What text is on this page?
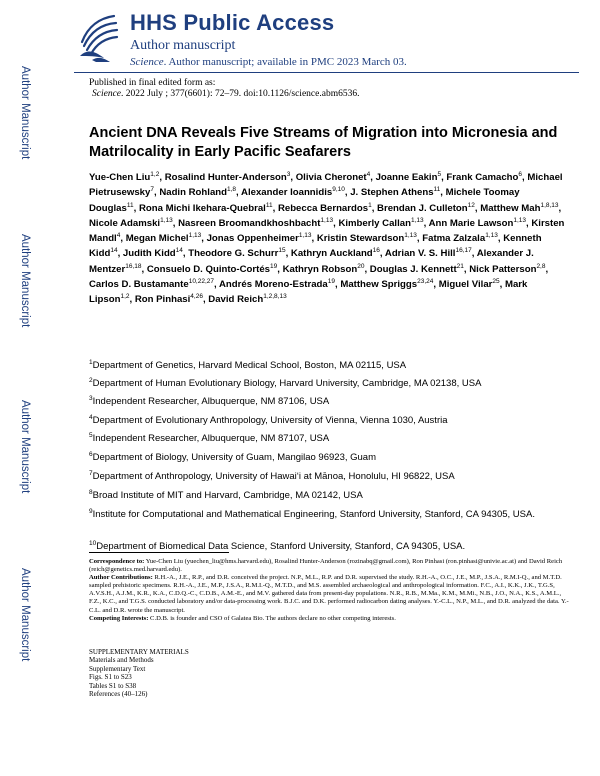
Author Manuscript
Author Manuscript
Author Manuscript
Author Manuscript
HHS Public Access
Author manuscript
Science. Author manuscript; available in PMC 2023 March 03.
Published in final edited form as:
Science. 2022 July ; 377(6601): 72–79. doi:10.1126/science.abm6536.
Ancient DNA Reveals Five Streams of Migration into Micronesia and Matrilocality in Early Pacific Seafarers
Yue-Chen Liu$^{1,2}$, Rosalind Hunter-Anderson$^3$, Olivia Cheronet$^4$, Joanne Eakin$^5$, Frank Camacho$^6$, Michael Pietrusewsky$^7$, Nadin Rohland$^{1,8}$, Alexander Ioannidis$^{9,10}$, J. Stephen Athens$^{11}$, Michele Toomay Douglas$^{11}$, Rona Michi Ikehara-Quebral$^{11}$, Rebecca Bernardos$^1$, Brendan J. Culleton$^{12}$, Matthew Mah$^{1,8,13}$, Nicole Adamski$^{1,13}$, Nasreen Broomandkhoshbacht$^{1,13}$, Kimberly Callan$^{1,13}$, Ann Marie Lawson$^{1,13}$, Kirsten Mandl$^4$, Megan Michel$^{1,13}$, Jonas Oppenheimer$^{1,13}$, Kristin Stewardson$^{1,13}$, Fatma Zalzala$^{1,13}$, Kenneth Kidd$^{14}$, Judith Kidd$^{14}$, Theodore G. Schurr$^{15}$, Kathryn Auckland$^{16}$, Adrian V. S. Hill$^{16,17}$, Alexander J. Mentzer$^{16,18}$, Consuelo D. Quinto-Cortés$^{19}$, Kathryn Robson$^{20}$, Douglas J. Kennett$^{21}$, Nick Patterson$^{2,8}$, Carlos D. Bustamante$^{10,22,27}$, Andrés Moreno-Estrada$^{19}$, Matthew Spriggs$^{23,24}$, Miguel Vilar$^{25}$, Mark Lipson$^{1,2}$, Ron Pinhasi$^{4,26}$, David Reich$^{1,2,8,13}$
$^1$Department of Genetics, Harvard Medical School, Boston, MA 02115, USA
$^2$Department of Human Evolutionary Biology, Harvard University, Cambridge, MA 02138, USA
$^3$Independent Researcher, Albuquerque, NM 87106, USA
$^4$Department of Evolutionary Anthropology, University of Vienna, Vienna 1030, Austria
$^5$Independent Researcher, Albuquerque, NM 87107, USA
$^6$Department of Biology, University of Guam, Mangilao 96923, Guam
$^7$Department of Anthropology, University of Hawai‘i at Mānoa, Honolulu, HI 96822, USA
$^8$Broad Institute of MIT and Harvard, Cambridge, MA 02142, USA
$^9$Institute for Computational and Mathematical Engineering, Stanford University, Stanford, CA 94305, USA.
$^{10}$Department of Biomedical Data Science, Stanford University, Stanford, CA 94305, USA.
Correspondence to: Yue-Chen Liu (yuechen_liu@hms.harvard.edu), Rosalind Hunter-Anderson (rozinabq@gmail.com), Ron Pinhasi (ron.pinhasi@univie.ac.at) and David Reich (reich@genetics.med.harvard.edu).
Author Contributions: R.H.-A., J.E., R.P., and D.R. conceived the project. N.P., M.L., R.P. and D.R. supervised the study. R.H.-A., O.C., J.E., M.P., J.S.A., R.M.I-Q., and M.T.D. sampled prehistoric specimens. R.H.-A., J.E., M.P., J.S.A., R.M.I.-Q., M.T.D., and M.S. assembled archaeological and anthropological information. F.C., A.I., K.K., J.K., T.G.S, A.V.S.H., A.J.M., K.R., K.A., C.D.Q.-C., C.D.B., A.M.-E., and M.V. gathered data from present-day populations. N.R., R.B., M.Ma., K.M., M.Mi., N.B., J.O., N.A., K.S., A.M.L., F.Z., K.C., and T.G.S. conducted laboratory and/or data-processing work. B.J.C. and D.K. performed radiocarbon dating analyses. Y.-C.L., N.P., M.L., and D.R. analyzed the data. Y.-C.L. and D.R. wrote the manuscript.
Competing Interests: C.D.B. is founder and CSO of Galatea Bio. The authors declare no other competing interests.
SUPPLEMENTARY MATERIALS
Materials and Methods
Supplementary Text
Figs. S1 to S23
Tables S1 to S38
References (40–126)
